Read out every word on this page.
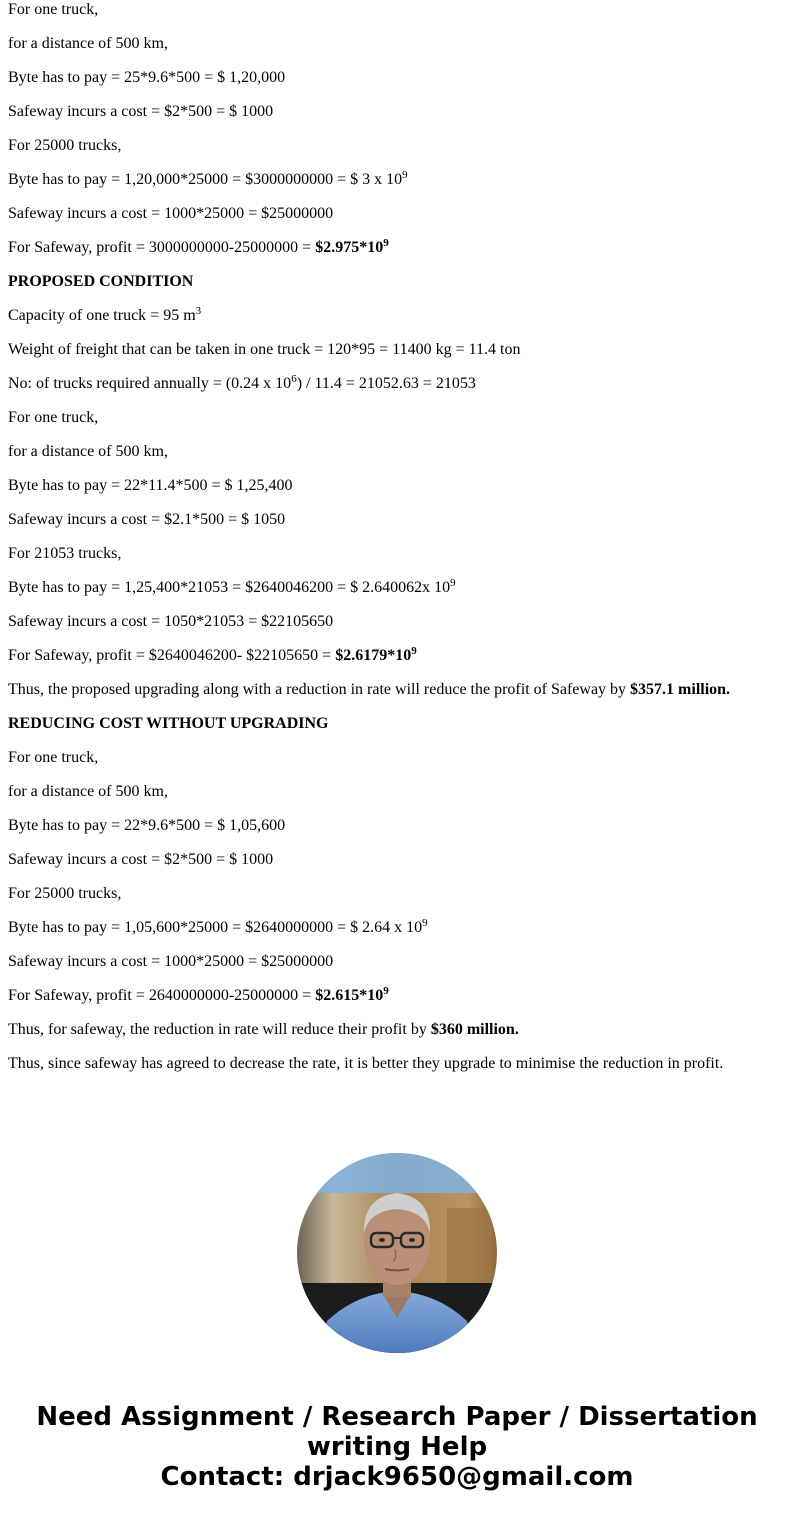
For one truck,
for a distance of 500 km,
Byte has to pay = 25*9.6*500 = $ 1,20,000
Safeway incurs a cost = $2*500 = $ 1000
For 25000 trucks,
Byte has to pay = 1,20,000*25000 = $3000000000 = $ 3 x $10^9$
Safeway incurs a cost = 1000*25000 = $25000000
For Safeway, profit = $3000000000-25000000 = \$2.975*10^9$
PROPOSED CONDITION
Capacity of one truck = 95 $m^3$
Weight of freight that can be taken in one truck = 120*95 = 11400 kg = 11.4 ton
No: of trucks required annually = (0.24 x $10^6) / 11.4 = 21052.63 = 21053$
For one truck,
for a distance of 500 km,
Byte has to pay = 22*11.4*500 = $ 1,25,400
Safeway incurs a cost = $2.1*500 = $ 1050
For 21053 trucks,
Byte has to pay = 1,25,400*21053 = $2640046200 = $ 2.640062x $10^9$
Safeway incurs a cost = 1050*21053 = $22105650
For Safeway, profit = $2640046200- $22105650 = $\$2.6179*10^9$
Thus, the proposed upgrading along with a reduction in rate will reduce the profit of Safeway by $357.1 million.
REDUCING COST WITHOUT UPGRADING
For one truck,
for a distance of 500 km,
Byte has to pay = 22*9.6*500 = $ 1,05,600
Safeway incurs a cost = $2*500 = $ 1000
For 25000 trucks,
Byte has to pay = 1,05,600*25000 = $2640000000 = $ 2.64 x $10^9$
Safeway incurs a cost = 1000*25000 = $25000000
For Safeway, profit = $2640000000-25000000 = \$2.615*10^9$
Thus, for safeway, the reduction in rate will reduce their profit by $360 million.
Thus, since safeway has agreed to decrease the rate, it is better they upgrade to minimise the reduction in profit.
Need Assignment / Research Paper / Dissertation
writing Help
Contact: drjack9650@gmail.com
